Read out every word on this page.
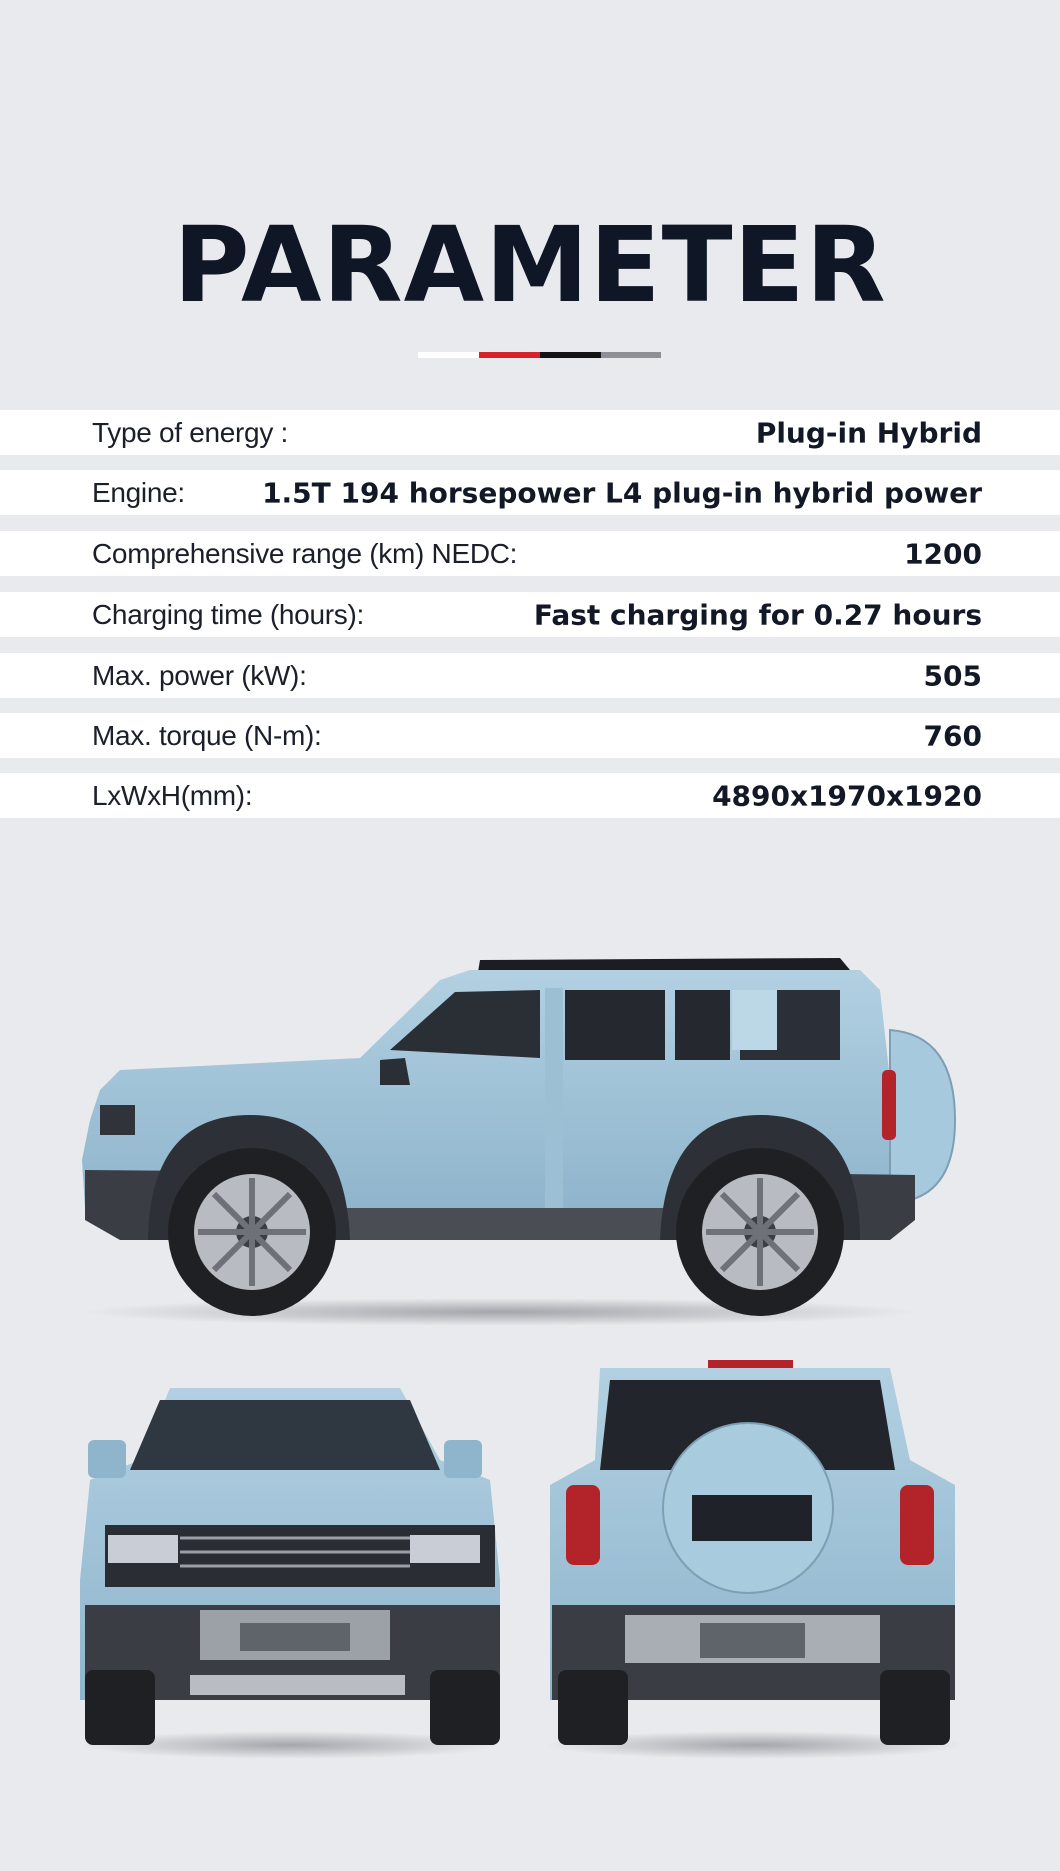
PARAMETER
Type of energy :	Plug-in Hybrid
Engine:	1.5T 194 horsepower L4 plug-in hybrid power
Comprehensive range (km) NEDC:	1200
Charging time (hours):	Fast charging for 0.27 hours
Max. power (kW):	505
Max. torque (N-m):	760
LxWxH(mm):	4890x1970x1920
